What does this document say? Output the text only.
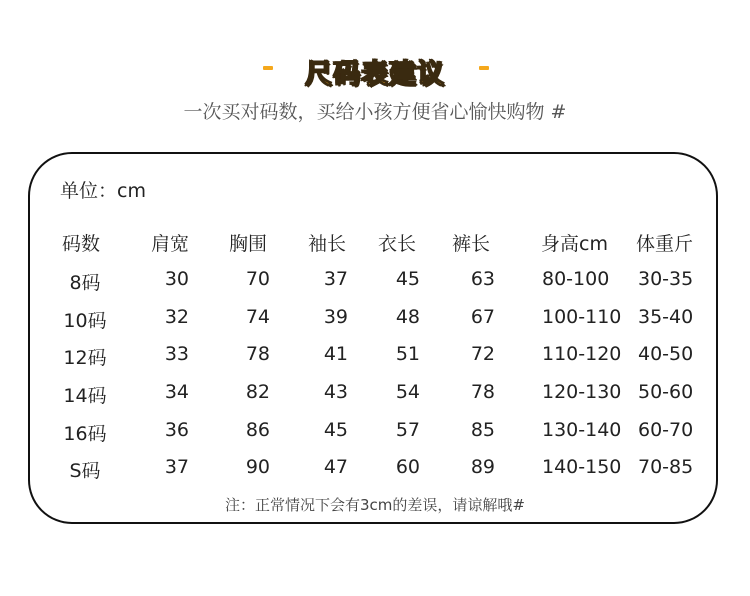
尺码表建议
一次买对码数，买给小孩方便省心愉快购物 #
单位：cm
码数	肩宽 胸围 袖长 衣长 裤长	身高cm 体重斤
8码	30	70	37	45	63 80-100 30-35
10码	32	74	39	48	67 100-110 35-40
12码	33	78	41	51	72 110-120 40-50
14码	34	82	43	54	78 120-130 50-60
16码	36	86	45	57	85 130-140 60-70
S码	37	90	47	60	89 140-150 70-85
注：正常情况下会有3cm的差误，请谅解哦#
